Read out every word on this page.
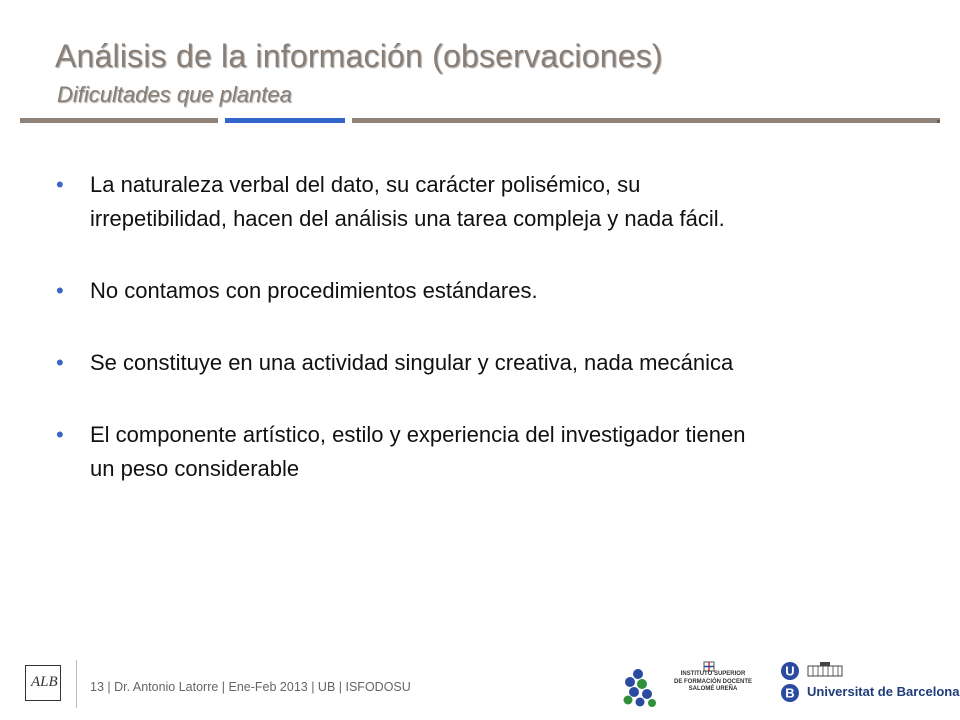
Análisis de la información (observaciones)
Dificultades que plantea
• La naturaleza verbal del dato, su carácter polisémico, su
irrepetibilidad, hacen del análisis una tarea compleja y nada fácil.
• No contamos con procedimientos estándares.
• Se constituye en una actividad singular y creativa, nada mecánica
• El componente artístico, estilo y experiencia del investigador tienen
un peso considerable
ALB	13 | Dr. Antonio Latorre | Ene-Feb 2013 | UB | ISFODOSU
INSTITUTO SUPERIOR
DE FORMACIÓN DOCENTE
SALOMÉ UREÑA
U
B Universitat de Barcelona
